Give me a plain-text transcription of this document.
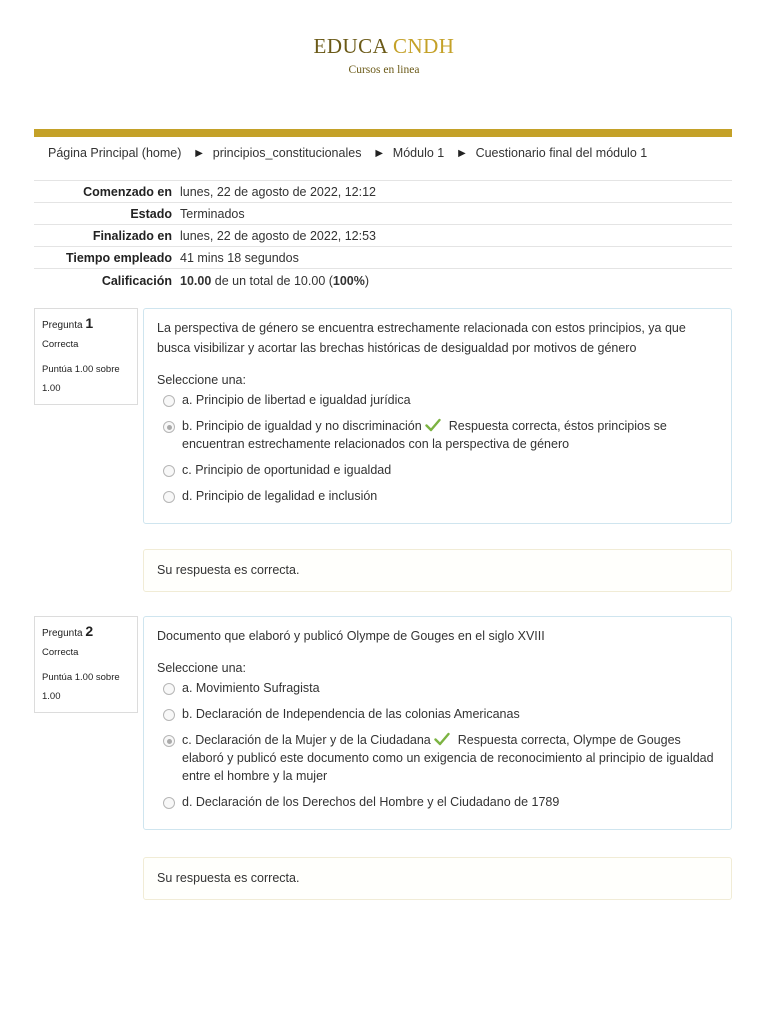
EDUCA CNDH
Cursos en linea
Página Principal (home) ► principios_constitucionales ► Módulo 1 ► Cuestionario final del módulo 1
Comenzado en	lunes, 22 de agosto de 2022, 12:12
Estado	Terminados
Finalizado en	lunes, 22 de agosto de 2022, 12:53
Tiempo empleado	41 mins 18 segundos
Calificación	10.00 de un total de 10.00 (100%)
Pregunta 1
Correcta
Puntúa 1.00 sobre 1.00
La perspectiva de género se encuentra estrechamente relacionada con estos principios, ya que busca visibilizar y acortar las brechas históricas de desigualdad por motivos de género
Seleccione una:
a. Principio de libertad e igualdad jurídica
b. Principio de igualdad y no discriminación Respuesta correcta, éstos principios se encuentran estrechamente relacionados con la perspectiva de género
c. Principio de oportunidad e igualdad
d. Principio de legalidad e inclusión
Su respuesta es correcta.
Pregunta 2
Correcta
Puntúa 1.00 sobre 1.00
Documento que elaboró y publicó Olympe de Gouges en el siglo XVIII
Seleccione una:
a. Movimiento Sufragista
b. Declaración de Independencia de las colonias Americanas
c. Declaración de la Mujer y de la Ciudadana Respuesta correcta, Olympe de Gouges elaboró y publicó este documento como un exigencia de reconocimiento al principio de igualdad entre el hombre y la mujer
d. Declaración de los Derechos del Hombre y el Ciudadano de 1789
Su respuesta es correcta.
